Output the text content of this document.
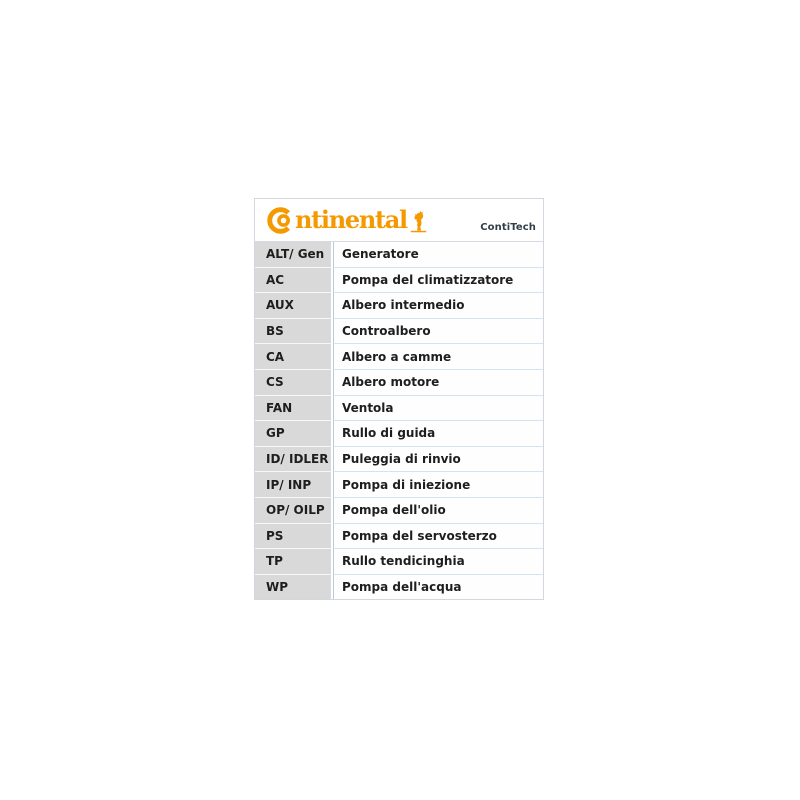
ntinental	ContiTech
ALT/ Gen	Generatore
AC	Pompa del climatizzatore
AUX	Albero intermedio
BS	Controalbero
CA	Albero a camme
CS	Albero motore
FAN	Ventola
GP	Rullo di guida
ID/ IDLER	Puleggia di rinvio
IP/ INP	Pompa di iniezione
OP/ OILP	Pompa dell'olio
PS	Pompa del servosterzo
TP	Rullo tendicinghia
WP	Pompa dell'acqua
